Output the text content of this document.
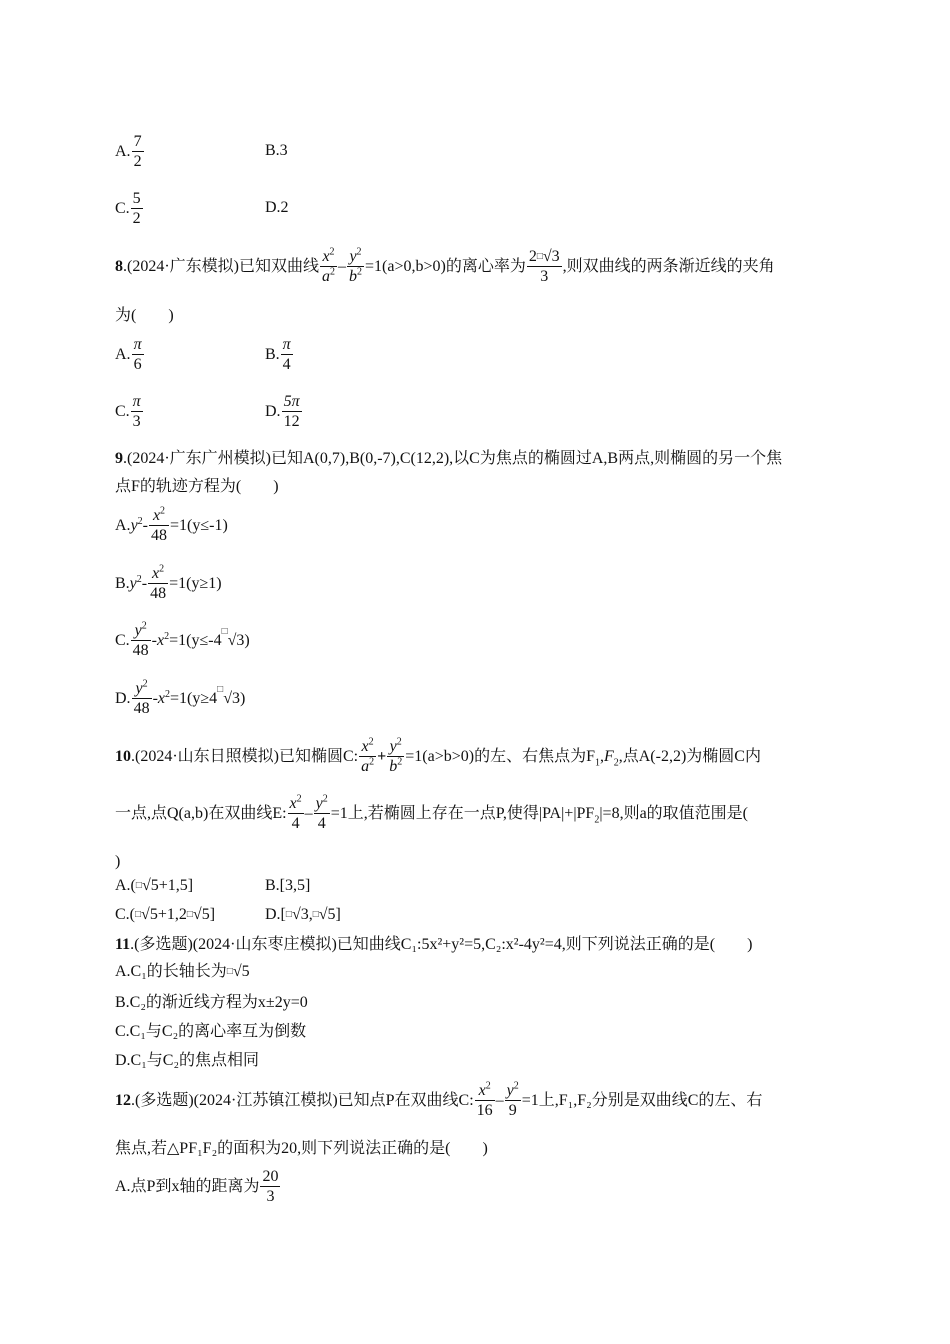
A. $\frac{7}{2}$	B.3
C. $\frac{5}{2}$	D.2
8.(2024·广东模拟)已知双曲线 $\frac{x^2}{a^2} - \frac{y^2}{b^2} =1(a>0,b>0)$的离心率为 $\frac{2□√3}{3}$ ,则双曲线的两条渐近线的夹角
为(　　)
A. $\frac{\pi}{6}$	B. $\frac{\pi}{4}$
C. $\frac{\pi}{3}$	D. $\frac{5\pi}{12}$
9.(2024·广东广州模拟)已知A(0,7),B(0,-7),C(12,2),以C为焦点的椭圆过A,B两点,则椭圆的另一个焦
点F的轨迹方程为(　　)
$A.y^2- \frac{x^2}{48} =1(y\le-1)$
$B.y^2- \frac{x^2}{48} =1(y\ge 1)$
C. $\frac{y^2}{48}$ $-x^2=1(y\le-4□√3)$
D. $\frac{y^2}{48}$ $-x^2=1(y\ge 4□√3)$
10.(2024·山东日照模拟)已知椭圆C: $\frac{x^2}{a^2} + \frac{y^2}{b^2} =1(a>b>0)$的左、右焦点为$F_1,F_2$,点A(-2,2)为椭圆C内
一点,点Q(a,b)在双曲线E: $\frac{x^2}{4} - \frac{y^2}{4} =1$上,若椭圆上存在一点P,使得$|PA|+|PF_2|=8$,则a的取值范围是(
)
A.(□√5+1,5]	B.[3,5]
C.(□√5+1,2□√5]	D.[□√3,□√5]
11.(多选题)(2024·山东枣庄模拟)已知曲线C₁:5x²+y²=5,C₂:x²-4y²=4,则下列说法正确的是(　　)
A.C₁的长轴长为□√5
B.C₂的渐近线方程为x±2y=0
C.C₁与C₂的离心率互为倒数
D.C₁与C₂的焦点相同
12.(多选题)(2024·江苏镇江模拟)已知点P在双曲线C: $\frac{x^2}{16} - \frac{y^2}{9} =1$上,F₁,F₂分别是双曲线C的左、右
焦点,若△PF₁F₂的面积为20,则下列说法正确的是(　　)
A.点P到x轴的距离为 $\frac{20}{3}$
